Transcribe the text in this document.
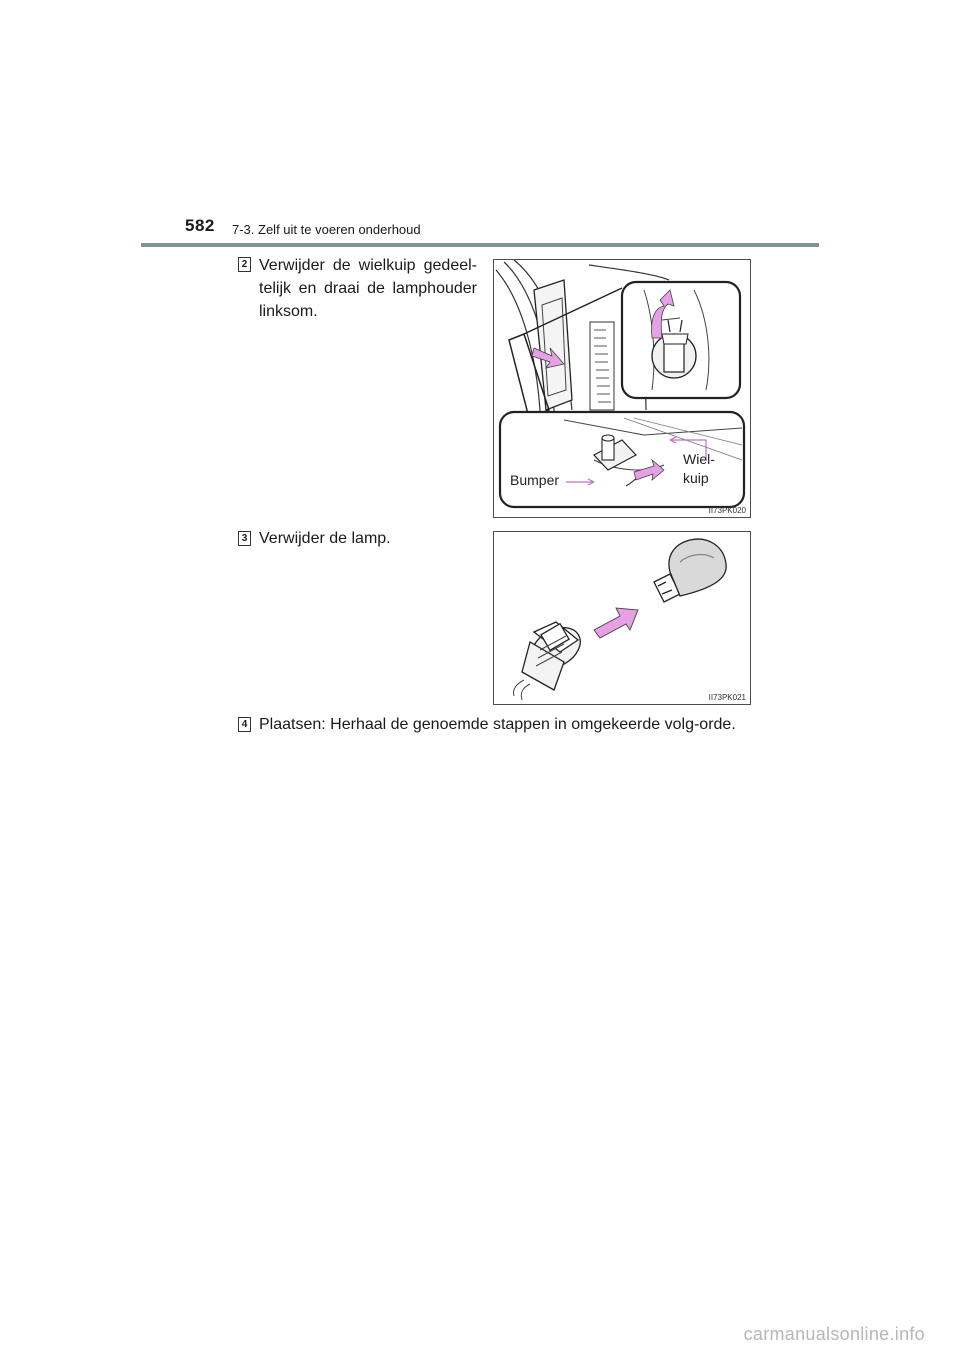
582 7-3. Zelf uit te voeren onderhoud
2 Verwijder de wielkuip gedeel-telijk en draai de lamphouder linksom.
Bumper
Wiel-
kuip
II73PK020
3 Verwijder de lamp.
II73PK021
4 Plaatsen: Herhaal de genoemde stappen in omgekeerde volg-orde.
carmanualsonline.info
